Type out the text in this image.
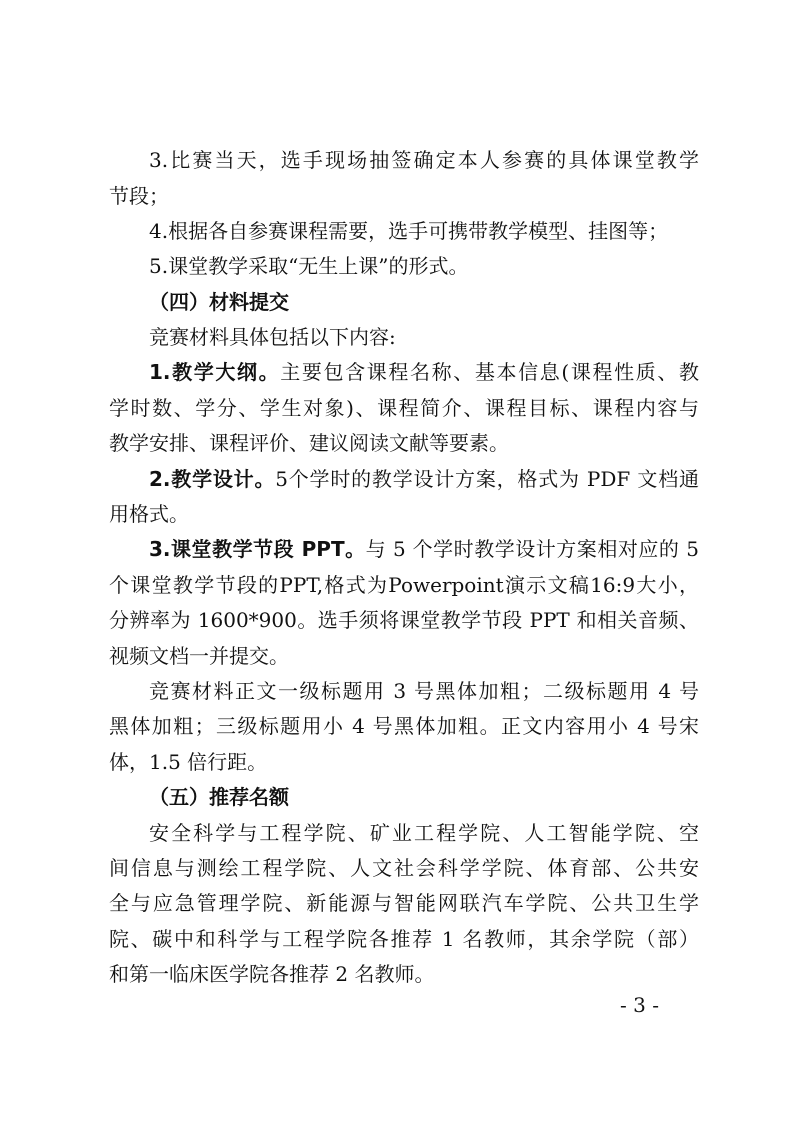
3.比赛当天，选手现场抽签确定本人参赛的具体课堂教学
节段；
4.根据各自参赛课程需要，选手可携带教学模型、挂图等；
5.课堂教学采取“无生上课”的形式。
（四）材料提交
竞赛材料具体包括以下内容:
1.教学大纲。主要包含课程名称、基本信息(课程性质、教
学时数、学分、学生对象)、课程简介、课程目标、课程内容与
教学安排、课程评价、建议阅读文献等要素。
2.教学设计。5个学时的教学设计方案，格式为 PDF 文档通
用格式。
3.课堂教学节段 PPT。与 5 个学时教学设计方案相对应的 5
个课堂教学节段的PPT,格式为Powerpoint演示文稿16:9大小，
分辨率为 1600*900。选手须将课堂教学节段 PPT 和相关音频、
视频文档一并提交。
竞赛材料正文一级标题用 3 号黑体加粗；二级标题用 4 号
黑体加粗；三级标题用小 4 号黑体加粗。正文内容用小 4 号宋
体，1.5 倍行距。
（五）推荐名额
安全科学与工程学院、矿业工程学院、人工智能学院、空
间信息与测绘工程学院、人文社会科学学院、体育部、公共安
全与应急管理学院、新能源与智能网联汽车学院、公共卫生学
院、碳中和科学与工程学院各推荐 1 名教师，其余学院（部）
和第一临床医学院各推荐 2 名教师。
- 3 -
